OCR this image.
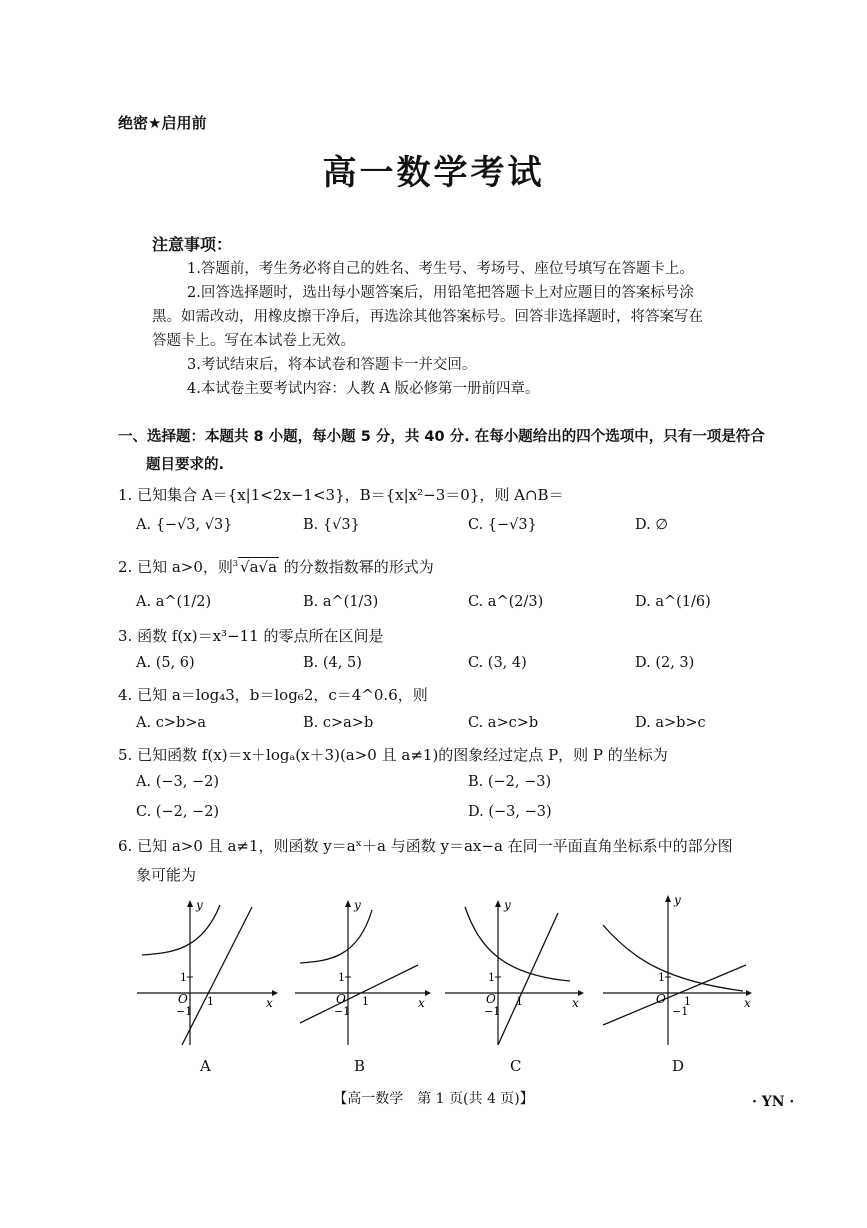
绝密★启用前
高一数学考试
注意事项：
1.答题前，考生务必将自己的姓名、考生号、考场号、座位号填写在答题卡上。
2.回答选择题时，选出每小题答案后，用铅笔把答题卡上对应题目的答案标号涂
黑。如需改动，用橡皮擦干净后，再选涂其他答案标号。回答非选择题时，将答案写在
答题卡上。写在本试卷上无效。
3.考试结束后，将本试卷和答题卡一并交回。
4.本试卷主要考试内容：人教 A 版必修第一册前四章。
一、选择题：本题共 8 小题，每小题 5 分，共 40 分. 在每小题给出的四个选项中，只有一项是符合
题目要求的.
1. 已知集合 A＝{x|1<2x−1<3}，B＝{x|x²−3＝0}，则 A∩B＝
A. {−√3, √3}	B. {√3}	C. {−√3}	D. ∅
2. 已知 a>0，则$^3$ √a√a 的分数指数幂的形式为
A. a^(1/2)	B. a^(1/3)	C. a^(2/3)	D. a^(1/6)
3. 函数 f(x)＝x³−11 的零点所在区间是
A. (5, 6)	B. (4, 5)	C. (3, 4)	D. (2, 3)
4. 已知 a＝log₄3，b＝log₆2，c＝4^0.6，则
A. c>b>a	B. c>a>b	C. a>c>b	D. a>b>c
5. 已知函数 f(x)＝x＋logₐ(x＋3)(a>0 且 a≠1)的图象经过定点 P，则 P 的坐标为
A. (−3, −2)	B. (−2, −3)
C. (−2, −2)	D. (−3, −3)
6. 已知 a>0 且 a≠1，则函数 y＝aˣ＋a 与函数 y＝ax−a 在同一平面直角坐标系中的部分图
象可能为
y
x
O
1
1
−1
A
y
x
O
1
1
−1
B
y
x
O
1
1
−1
C
y
x
O
1
1
−1
D
【高一数学　第 1 页(共 4 页)】	· YN ·
